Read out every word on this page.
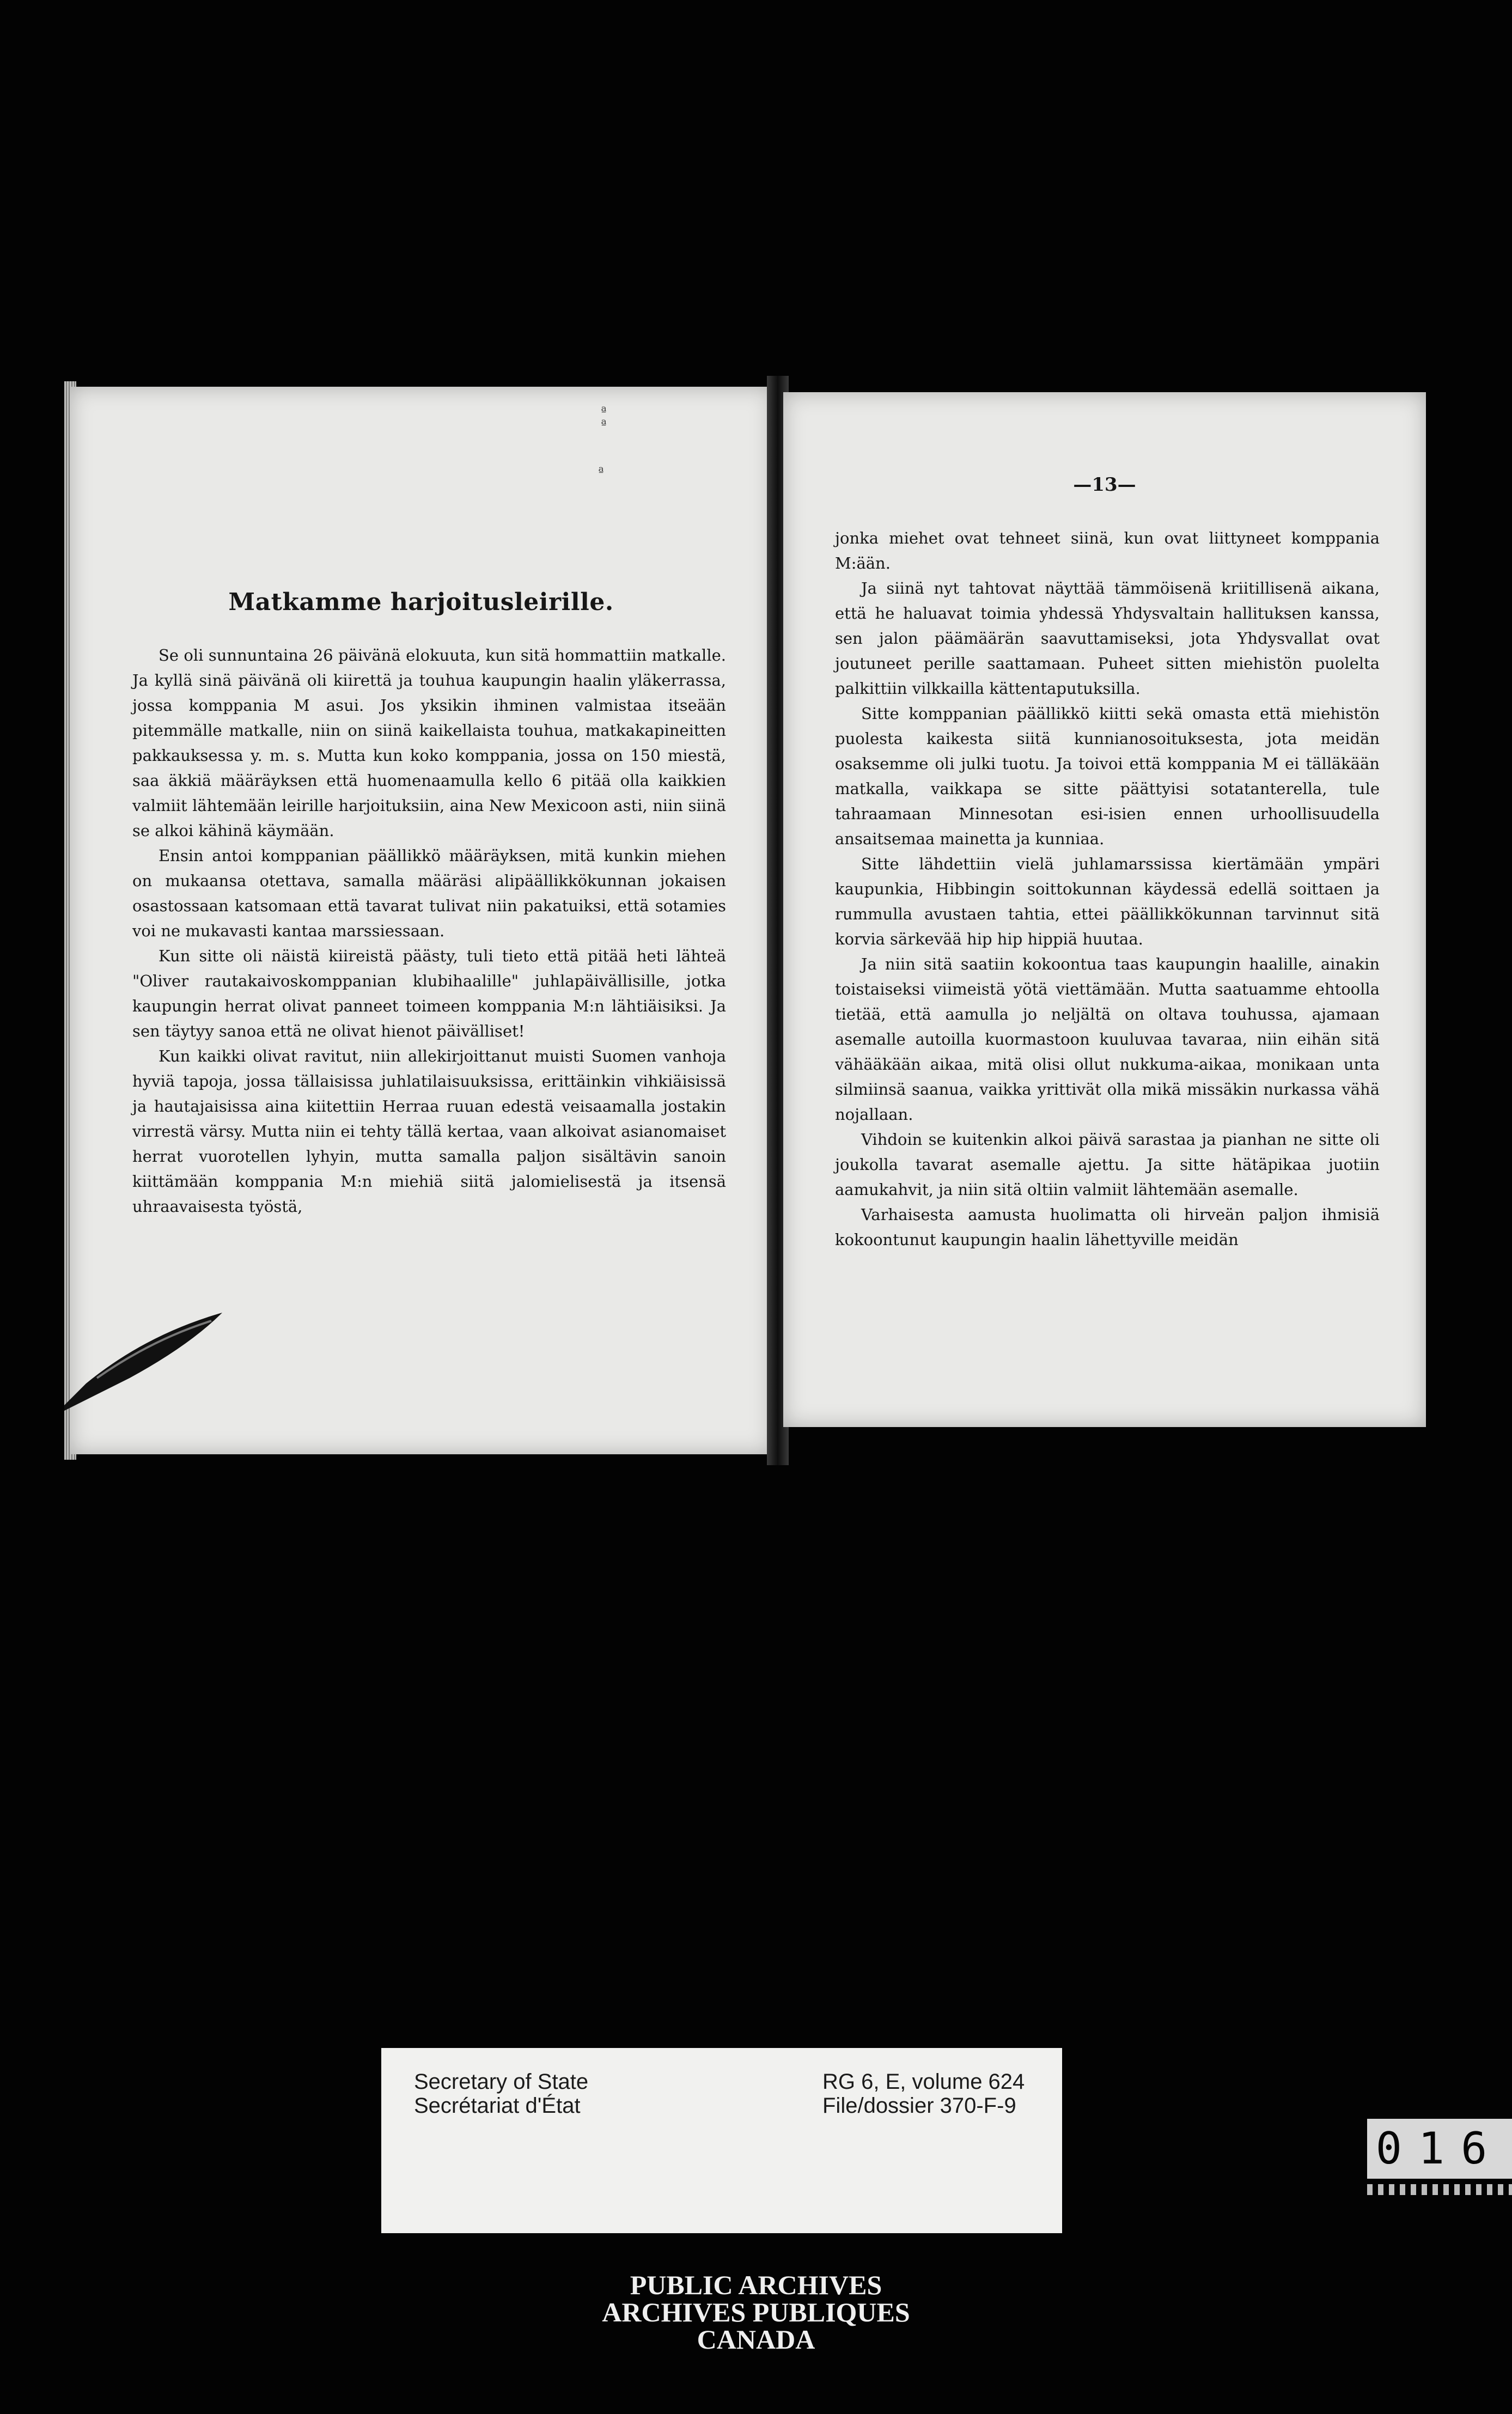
ª
ª
ª
Matkamme harjoitusleirille.

Se oli sunnuntaina 26 päivänä elokuuta, kun sitä hommattiin matkalle. Ja kyllä sinä päivänä oli kiirettä ja touhua kaupungin haalin yläkerrassa, jossa komppania M asui. Jos yksikin ihminen valmistaa itseään pitemmälle matkalle, niin on siinä kaikellaista touhua, matkakapineitten pakkauksessa y. m. s. Mutta kun koko komppania, jossa on 150 miestä, saa äkkiä määräyksen että huomenaamulla kello 6 pitää olla kaikkien valmiit lähtemään leirille harjoituksiin, aina New Mexicoon asti, niin siinä se alkoi kähinä käymään.

Ensin antoi komppanian päällikkö määräyksen, mitä kunkin miehen on mukaansa otettava, samalla määräsi alipäällikkökunnan jokaisen osastossaan katsomaan että tavarat tulivat niin pakatuiksi, että sotamies voi ne mukavasti kantaa marssiessaan.

Kun sitte oli näistä kiireistä päästy, tuli tieto että pitää heti lähteä "Oliver rautakaivoskomppanian klubihaalille" juhlapäivällisille, jotka kaupungin herrat olivat panneet toimeen komppania M:n lähtiäisiksi. Ja sen täytyy sanoa että ne olivat hienot päivälliset!

Kun kaikki olivat ravitut, niin allekirjoittanut muisti Suomen vanhoja hyviä tapoja, jossa tällaisissa juhlatilaisuuksissa, erittäinkin vihkiäisissä ja hautajaisissa aina kiitettiin Herraa ruuan edestä veisaamalla jostakin virrestä värsy. Mutta niin ei tehty tällä kertaa, vaan alkoivat asianomaiset herrat vuorotellen lyhyin, mutta samalla paljon sisältävin sanoin kiittämään komppania M:n miehiä siitä jalomielisestä ja itsensä uhraavaisesta työstä,

—13—

jonka miehet ovat tehneet siinä, kun ovat liittyneet komppania M:ään.

Ja siinä nyt tahtovat näyttää tämmöisenä kriitillisenä aikana, että he haluavat toimia yhdessä Yhdysvaltain hallituksen kanssa, sen jalon päämäärän saavuttamiseksi, jota Yhdysvallat ovat joutuneet perille saattamaan. Puheet sitten miehistön puolelta palkittiin vilkkailla kättentaputuksilla.

Sitte komppanian päällikkö kiitti sekä omasta että miehistön puolesta kaikesta siitä kunnianosoituksesta, jota meidän osaksemme oli julki tuotu. Ja toivoi että komppania M ei tälläkään matkalla, vaikkapa se sitte päättyisi sotatanterella, tule tahraamaan Minnesotan esi-isien ennen urhoollisuudella ansaitsemaa mainetta ja kunniaa.

Sitte lähdettiin vielä juhlamarssissa kiertämään ympäri kaupunkia, Hibbingin soittokunnan käydessä edellä soittaen ja rummulla avustaen tahtia, ettei päällikkökunnan tarvinnut sitä korvia särkevää hip hip hippiä huutaa.

Ja niin sitä saatiin kokoontua taas kaupungin haalille, ainakin toistaiseksi viimeistä yötä viettämään. Mutta saatuamme ehtoolla tietää, että aamulla jo neljältä on oltava touhussa, ajamaan asemalle autoilla kuormastoon kuuluvaa tavaraa, niin eihän sitä vähääkään aikaa, mitä olisi ollut nukkuma-aikaa, monikaan unta silmiinsä saanua, vaikka yrittivät olla mikä missäkin nurkassa vähä nojallaan.

Vihdoin se kuitenkin alkoi päivä sarastaa ja pianhan ne sitte oli joukolla tavarat asemalle ajettu. Ja sitte hätäpikaa juotiin aamukahvit, ja niin sitä oltiin valmiit lähtemään asemalle.

Varhaisesta aamusta huolimatta oli hirveän paljon ihmisiä kokoontunut kaupungin haalin lähettyville meidän

Secretary of State
Secrétariat d'État
RG 6, E, volume 624
File/dossier 370-F-9
PUBLIC ARCHIVES
ARCHIVES PUBLIQUES
CANADA
016
